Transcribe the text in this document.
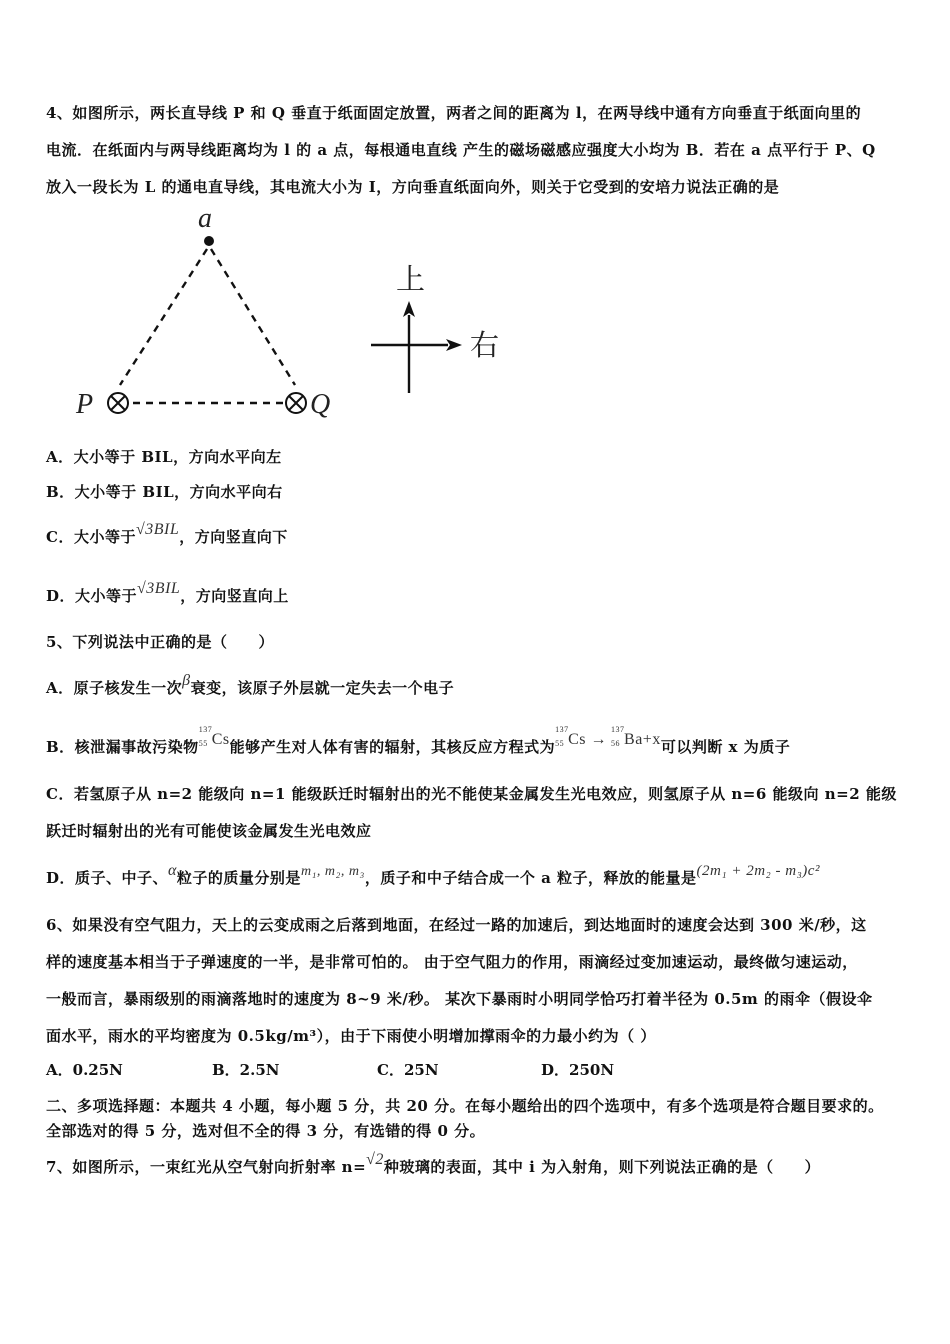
4、如图所示，两长直导线 P 和 Q 垂直于纸面固定放置，两者之间的距离为 l，在两导线中通有方向垂直于纸面向里的
电流．在纸面内与两导线距离均为 l 的 a 点，每根通电直线 产生的磁场磁感应强度大小均为 B．若在 a 点平行于 P、Q
放入一段长为 L 的通电直导线，其电流大小为 I，方向垂直纸面向外，则关于它受到的安培力说法正确的是
a
P	Q
上
右
A．大小等于 BIL，方向水平向左
B．大小等于 BIL，方向水平向右
C．大小等于√3BIL，方向竖直向下
D．大小等于√3BIL，方向竖直向上
5、下列说法中正确的是（　　）
A．原子核发生一次β衰变，该原子外层就一定失去一个电子
B．核泄漏事故污染物
137
55 Cs能够产生对人体有害的辐射，其核反应方程式为
137
55 Cs →
137
56 Ba+x可以判断 x 为质子
C．若氢原子从 n=2 能级向 n=1 能级跃迁时辐射出的光不能使某金属发生光电效应，则氢原子从 n=6 能级向 n=2 能级
跃迁时辐射出的光有可能使该金属发生光电效应
D．质子、中子、α粒子的质量分别是m₁, m₂, m₃，质子和中子结合成一个 a 粒子，释放的能量是(2m₁ + 2m₂ - m₃)c²
6、如果没有空气阻力，天上的云变成雨之后落到地面，在经过一路的加速后，到达地面时的速度会达到 300 米/秒，这
样的速度基本相当于子弹速度的一半，是非常可怕的。 由于空气阻力的作用，雨滴经过变加速运动，最终做匀速运动，
一般而言，暴雨级别的雨滴落地时的速度为 8~9 米/秒。 某次下暴雨时小明同学恰巧打着半径为 0.5m 的雨伞（假设伞
面水平，雨水的平均密度为 0.5kg/m³），由于下雨使小明增加撑雨伞的力最小约为（ ）
A．0.25N	B．2.5N	C．25N	D．250N
二、多项选择题：本题共 4 小题，每小题 5 分，共 20 分。在每小题给出的四个选项中，有多个选项是符合题目要求的。
全部选对的得 5 分，选对但不全的得 3 分，有选错的得 0 分。
7、如图所示，一束红光从空气射向折射率 n=√2种玻璃的表面，其中 i 为入射角，则下列说法正确的是（　　）
